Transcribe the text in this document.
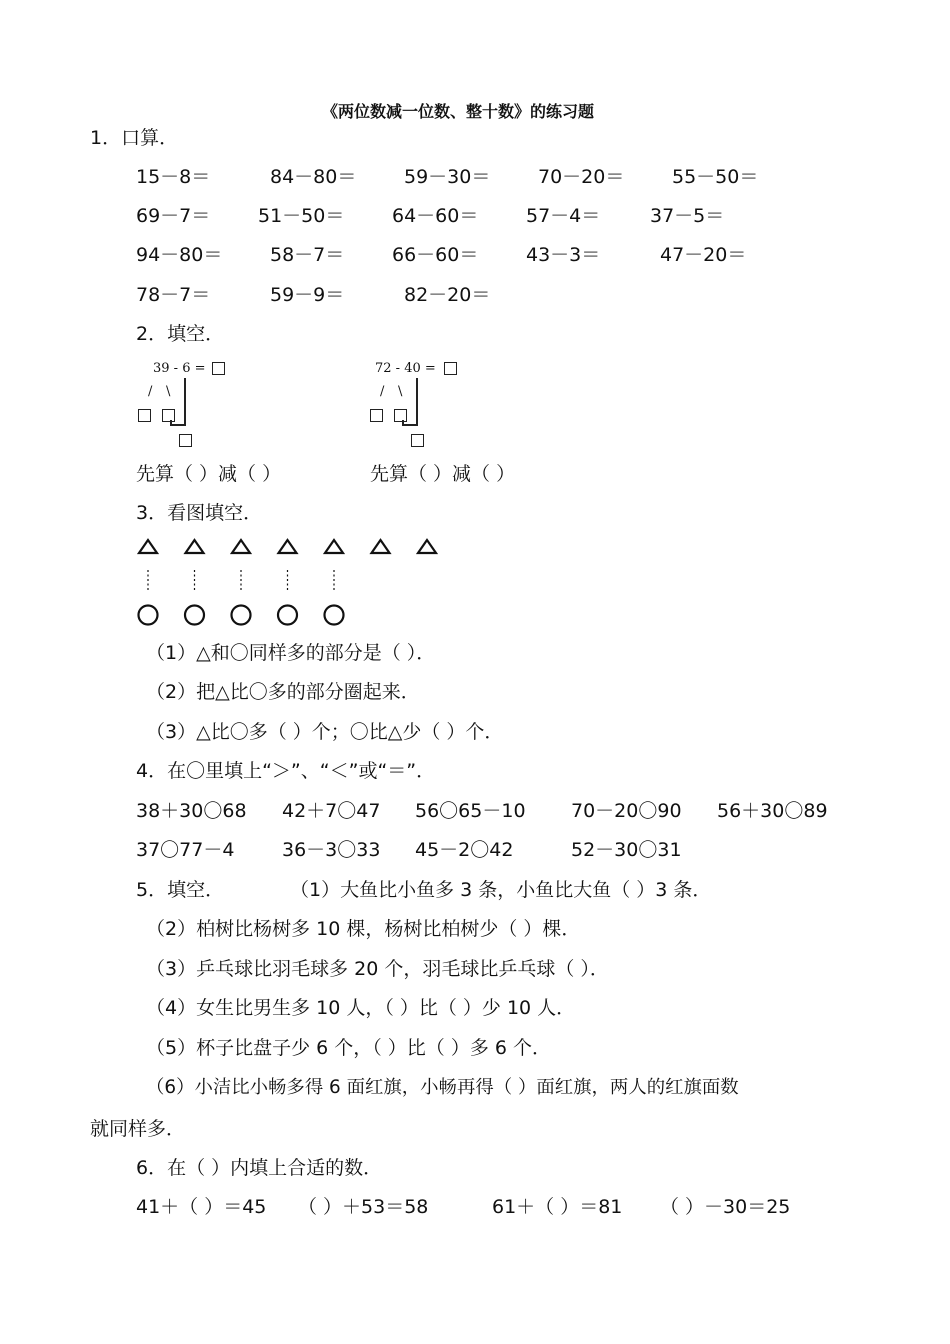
《两位数减一位数、整十数》的练习题
1．口算．
15－8＝	84－80＝	59－30＝	70－20＝	55－50＝
69－7＝	51－50＝	64－60＝	57－4＝	37－5＝
94－80＝	58－7＝	66－60＝	43－3＝	47－20＝
78－7＝	59－9＝	82－20＝
2．填空．
39 - 6 =
/ \
72 - 40 =
/ \
先算（ ）减（ ）	先算（ ）减（ ）
3．看图填空．
（1）△和〇同样多的部分是（ ）．
（2）把△比〇多的部分圈起来．
（3）△比〇多（ ）个；〇比△少（ ）个．
4．在〇里填上“＞”、“＜”或“＝”．
38＋30〇68 42＋7〇47 56〇65－10 70－20〇90 56＋30〇89
37〇77－4	36－3〇33 45－2〇42	52－30〇31
5．填空．	（1）大鱼比小鱼多 3 条，小鱼比大鱼（ ）3 条．
（2）柏树比杨树多 10 棵，杨树比柏树少（ ）棵．
（3）乒乓球比羽毛球多 20 个，羽毛球比乒乓球（ ）．
（4）女生比男生多 10 人，（ ）比（ ）少 10 人．
（5）杯子比盘子少 6 个，（ ）比（ ）多 6 个．
（6）小洁比小畅多得 6 面红旗，小畅再得（ ）面红旗，两人的红旗面数
就同样多．
6．在（ ）内填上合适的数．
41＋（ ）＝45 （ ）＋53＝58	61＋（ ）＝81 （ ）－30＝25
